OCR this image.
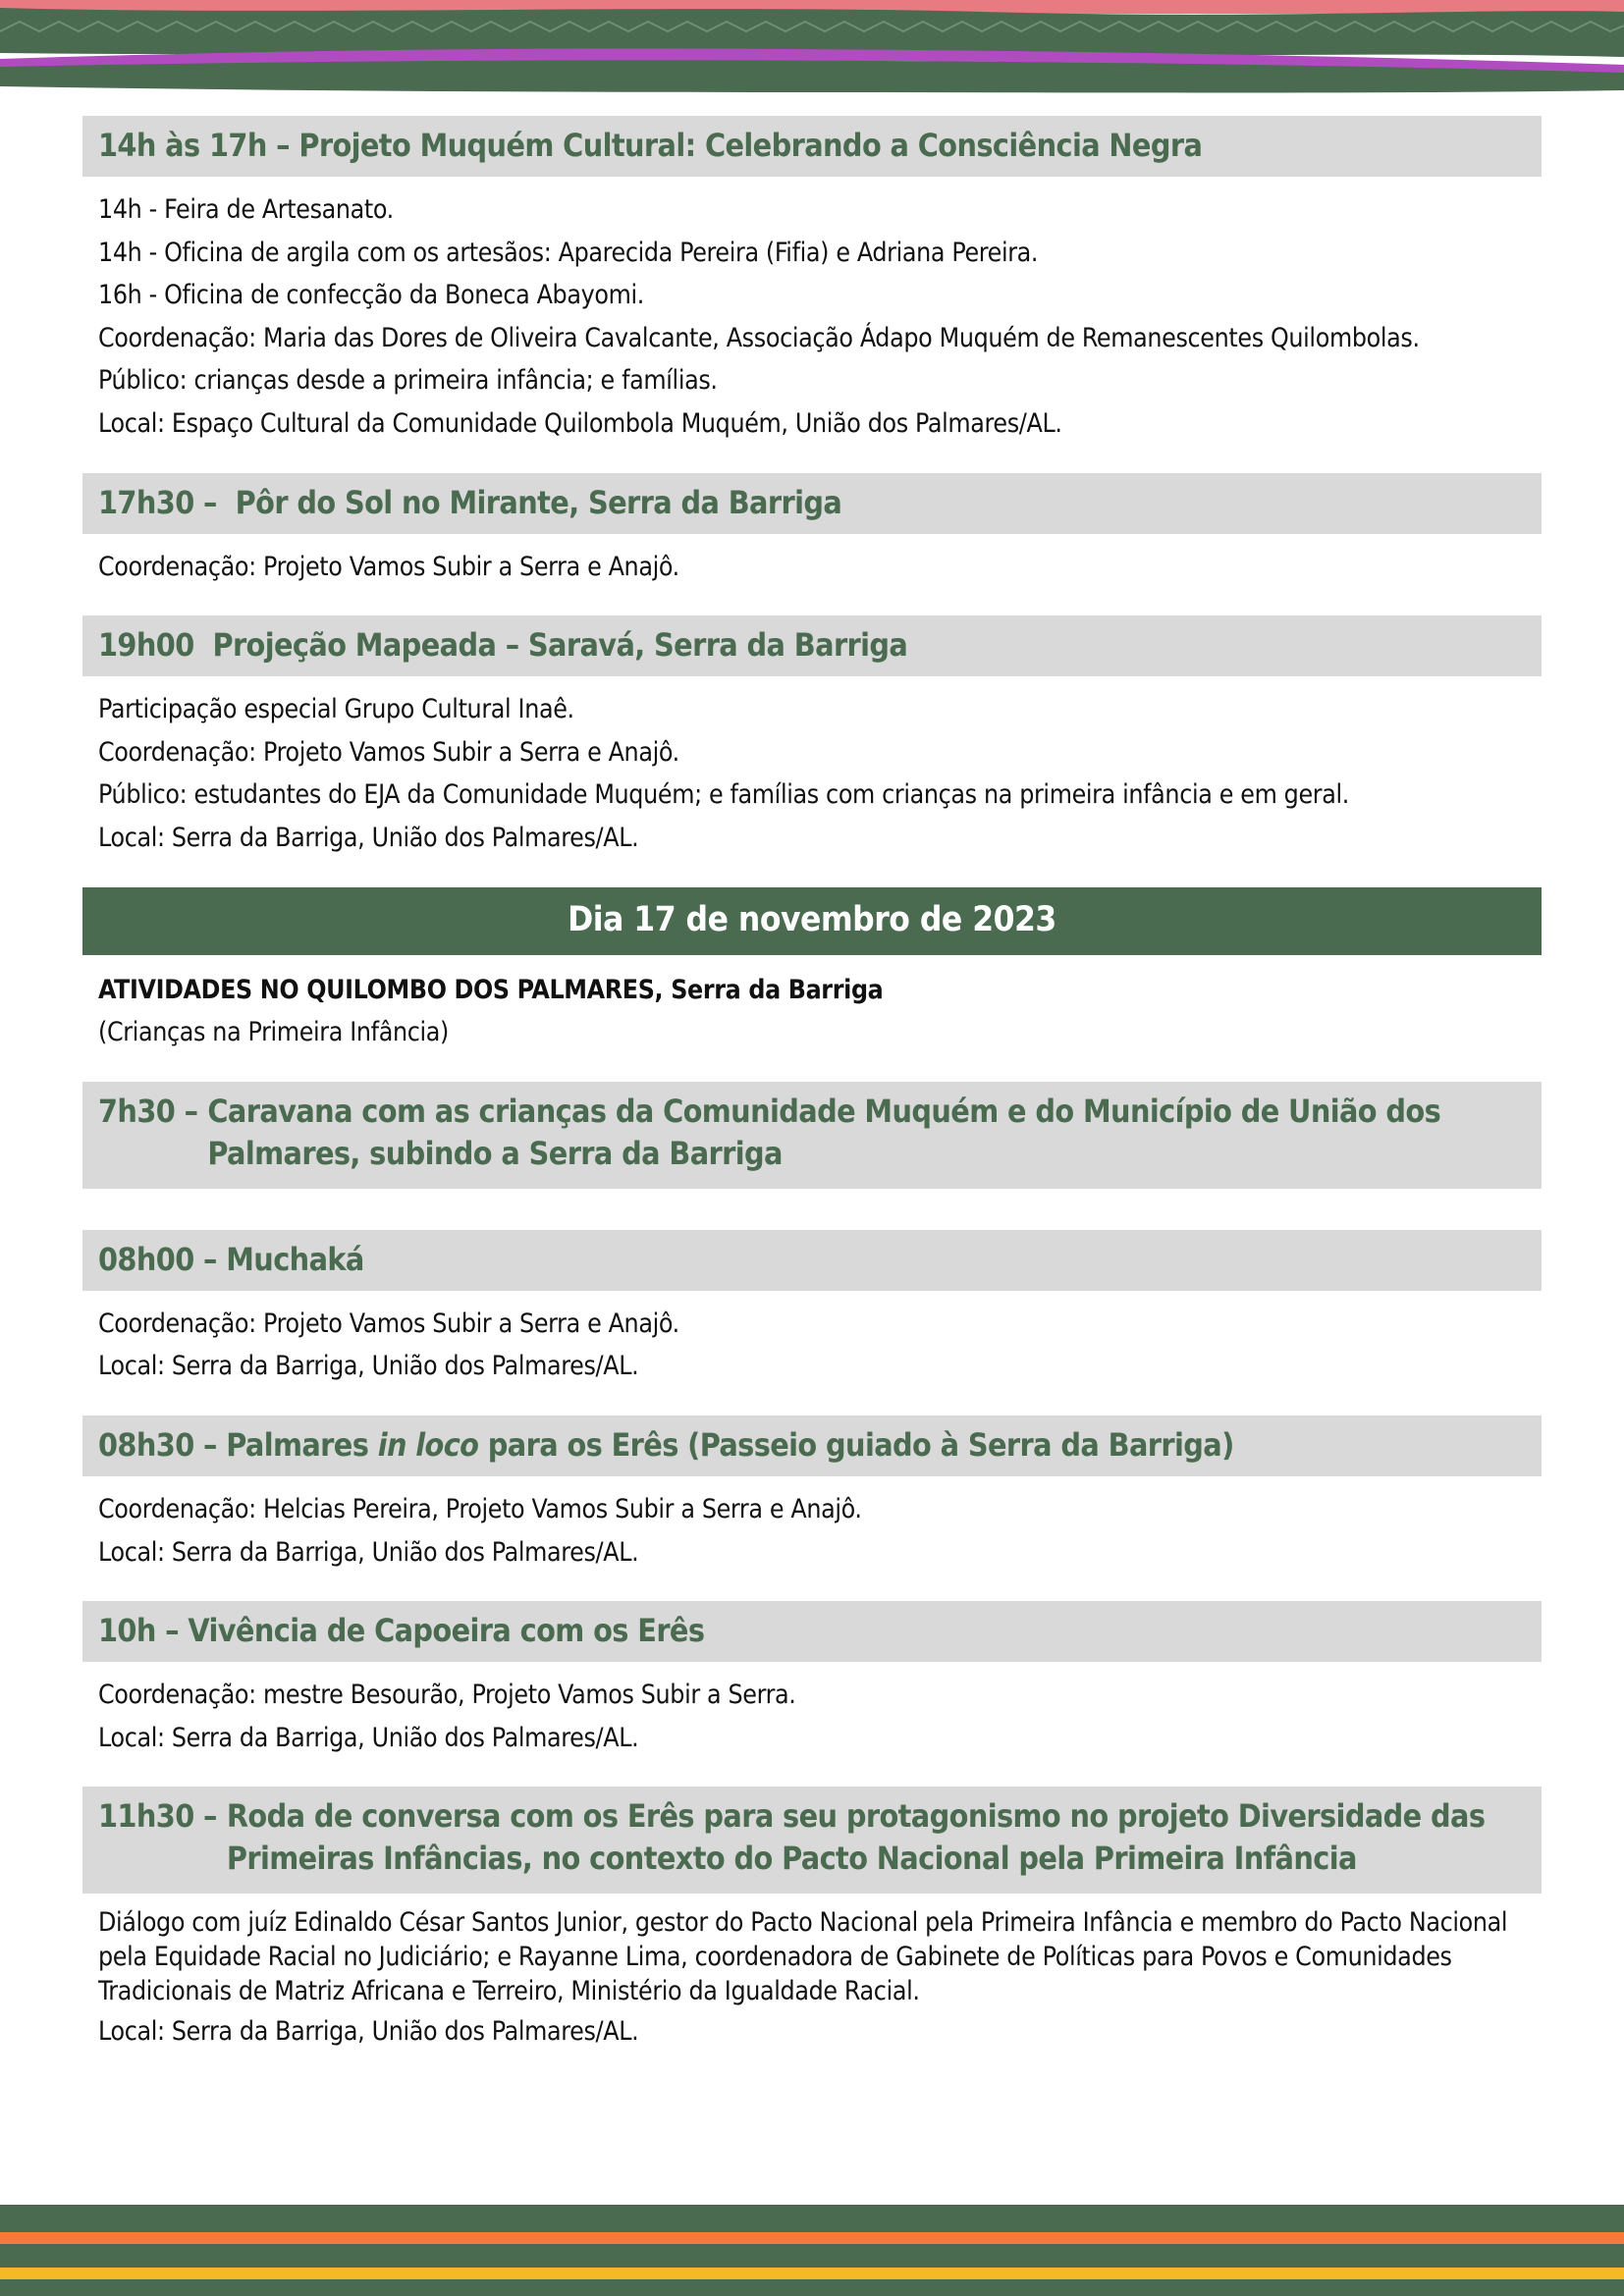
14h às 17h – Projeto Muquém Cultural: Celebrando a Consciência Negra
14h - Feira de Artesanato.
14h - Oficina de argila com os artesãos: Aparecida Pereira (Fifia) e Adriana Pereira.
16h - Oficina de confecção da Boneca Abayomi.
Coordenação: Maria das Dores de Oliveira Cavalcante, Associação Ádapo Muquém de Remanescentes Quilombolas.
Público: crianças desde a primeira infância; e famílias.
Local: Espaço Cultural da Comunidade Quilombola Muquém, União dos Palmares/AL.
17h30 –  Pôr do Sol no Mirante, Serra da Barriga
Coordenação: Projeto Vamos Subir a Serra e Anajô.
19h00  Projeção Mapeada – Saravá, Serra da Barriga
Participação especial Grupo Cultural Inaê.
Coordenação: Projeto Vamos Subir a Serra e Anajô.
Público: estudantes do EJA da Comunidade Muquém; e famílias com crianças na primeira infância e em geral.
Local: Serra da Barriga, União dos Palmares/AL.
Dia 17 de novembro de 2023
ATIVIDADES NO QUILOMBO DOS PALMARES, Serra da Barriga
(Crianças na Primeira Infância)
7h30 – Caravana com as crianças da Comunidade Muquém e do Município de União dos Palmares, subindo a Serra da Barriga
08h00 – Muchaká
Coordenação: Projeto Vamos Subir a Serra e Anajô.
Local: Serra da Barriga, União dos Palmares/AL.
08h30 – Palmares in loco para os Erês (Passeio guiado à Serra da Barriga)
Coordenação: Helcias Pereira, Projeto Vamos Subir a Serra e Anajô.
Local: Serra da Barriga, União dos Palmares/AL.
10h – Vivência de Capoeira com os Erês
Coordenação: mestre Besourão, Projeto Vamos Subir a Serra.
Local: Serra da Barriga, União dos Palmares/AL.
11h30 – Roda de conversa com os Erês para seu protagonismo no projeto Diversidade das Primeiras Infâncias, no contexto do Pacto Nacional pela Primeira Infância
Diálogo com juíz Edinaldo César Santos Junior, gestor do Pacto Nacional pela Primeira Infância e membro do Pacto Nacional pela Equidade Racial no Judiciário; e Rayanne Lima, coordenadora de Gabinete de Políticas para Povos e Comunidades Tradicionais de Matriz Africana e Terreiro, Ministério da Igualdade Racial.
Local: Serra da Barriga, União dos Palmares/AL.
